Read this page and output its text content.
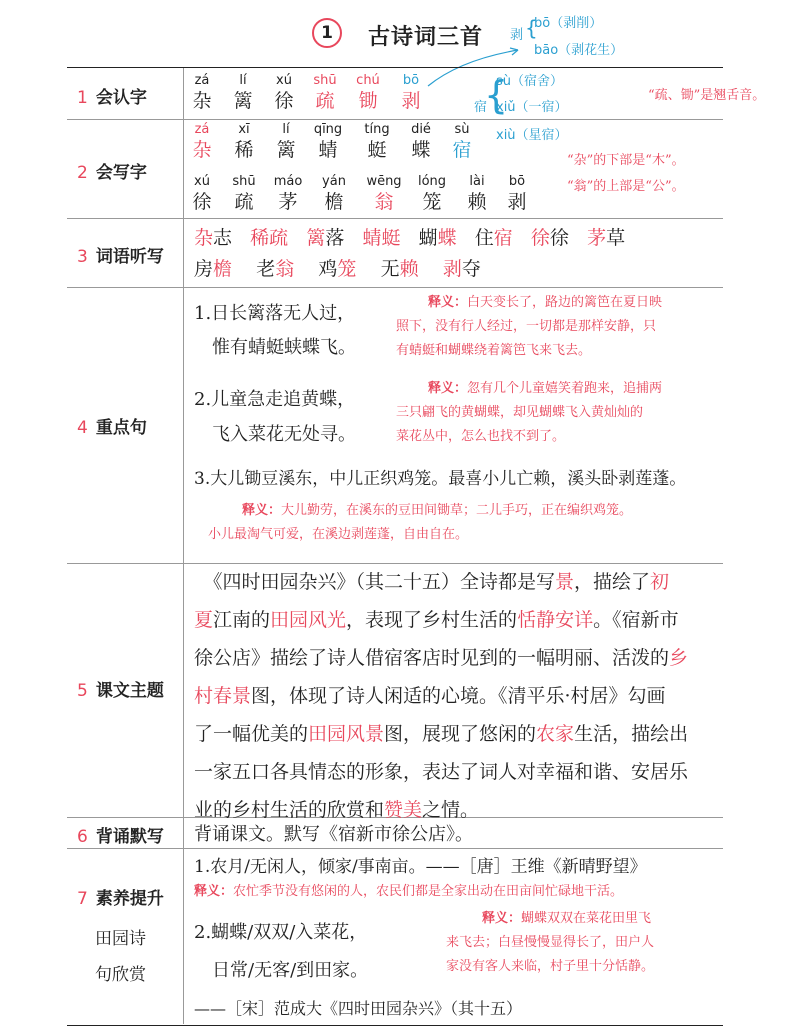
1	古诗词三首 剥 {
bō（剥削）
bāo（剥花生）
宿
{
sù（宿舍）
xiǔ（一宿）
xiù（星宿）
1 会认字
zá
杂
lí
篱
xú
徐
shū
疏
chú
锄
bō
剥	“疏、锄”是翘舌音。
2 会写字
zá
杂
xī
稀
lí
篱
qīng
蜻
tíng
蜓
dié
蝶
sù
宿
xú
徐
shū
疏
máo
茅
yán
檐
wēng
翁
lóng
笼
lài
赖
bō
剥
“杂”的下部是“木”。
“翁”的上部是“公”。
3 词语听写
杂志 稀疏 篱落 蜻蜓 蝴蝶 住宿 徐徐 茅草
房檐 老翁 鸡笼 无赖 剥夺
4 重点句
1.日长篱落无人过，
惟有蜻蜓蛱蝶飞。
释义：白天变长了，路边的篱笆在夏日映
照下，没有行人经过，一切都是那样安静，只
有蜻蜓和蝴蝶绕着篱笆飞来飞去。
2.儿童急走追黄蝶，
飞入菜花无处寻。
释义：忽有几个儿童嬉笑着跑来，追捕两
三只翩飞的黄蝴蝶，却见蝴蝶飞入黄灿灿的
菜花丛中，怎么也找不到了。
3.大儿锄豆溪东，中儿正织鸡笼。最喜小儿亡赖，溪头卧剥莲蓬。
释义：大儿勤劳，在溪东的豆田间锄草；二儿手巧，正在编织鸡笼。
小儿最淘气可爱，在溪边剥莲蓬，自由自在。
5 课文主题
　《四时田园杂兴》（其二十五）全诗都是写景，描绘了初
夏江南的田园风光，表现了乡村生活的恬静安详。《宿新市
徐公店》描绘了诗人借宿客店时见到的一幅明丽、活泼的乡
村春景图，体现了诗人闲适的心境。《清平乐·村居》勾画
了一幅优美的田园风景图，展现了悠闲的农家生活，描绘出
一家五口各具情态的形象，表达了词人对幸福和谐、安居乐
业的乡村生活的欣赏和赞美之情。
6 背诵默写 背诵课文。默写《宿新市徐公店》。
7 素养提升
田园诗
句欣赏
1.农月/无闲人，倾家/事南亩。——［唐］王维《新晴野望》
释义：农忙季节没有悠闲的人，农民们都是全家出动在田亩间忙碌地干活。
2.蝴蝶/双双/入菜花，
日常/无客/到田家。
释义：蝴蝶双双在菜花田里飞
来飞去；白昼慢慢显得长了，田户人
家没有客人来临，村子里十分恬静。
——［宋］范成大《四时田园杂兴》（其十五）
